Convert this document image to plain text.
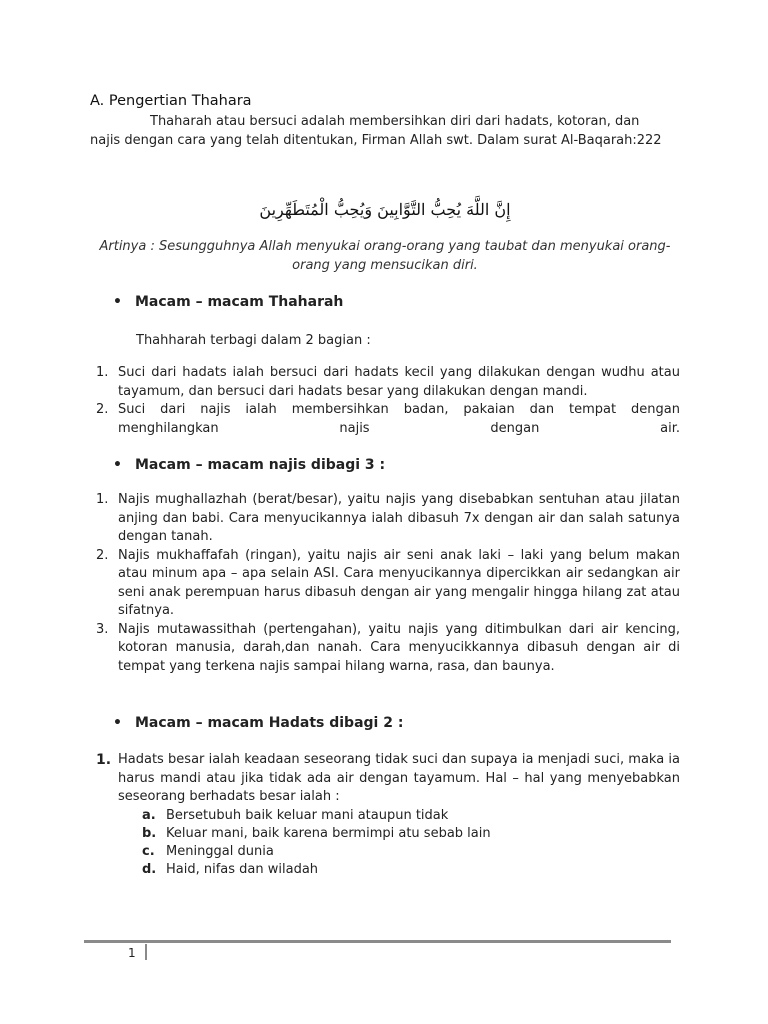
A. Pengertian Thahara
Thaharah atau bersuci adalah membersihkan diri dari hadats, kotoran, dan
najis dengan cara yang telah ditentukan, Firman Allah swt. Dalam surat Al-Baqarah:222
إِنَّ اللَّهَ يُحِبُّ التَّوَّابِينَ وَيُحِبُّ الْمُتَطَهِّرِينَ
Artinya : Sesungguhnya Allah menyukai orang-orang yang taubat dan menyukai orang-orang yang mensucikan diri.
• Macam – macam Thaharah
Thahharah terbagi dalam 2 bagian :
1. Suci dari hadats ialah bersuci dari hadats kecil yang dilakukan dengan wudhu atau tayamum, dan bersuci dari hadats besar yang dilakukan dengan mandi.
2. Suci dari najis ialah membersihkan badan, pakaian dan tempat dengan menghilangkan najis dengan air.
• Macam – macam najis dibagi 3 :
1. Najis mughallazhah (berat/besar), yaitu najis yang disebabkan sentuhan atau jilatan anjing dan babi. Cara menyucikannya ialah dibasuh 7x dengan air dan salah satunya dengan tanah.
2. Najis mukhaffafah (ringan), yaitu najis air seni anak laki – laki yang belum makan atau minum apa – apa selain ASI. Cara menyucikannya dipercikkan air sedangkan air seni anak perempuan harus dibasuh dengan air yang mengalir hingga hilang zat atau sifatnya.
3. Najis mutawassithah (pertengahan), yaitu najis yang ditimbulkan dari air kencing, kotoran manusia, darah,dan nanah. Cara menyucikkannya dibasuh dengan air di tempat yang terkena najis sampai hilang warna, rasa, dan baunya.
• Macam – macam Hadats dibagi 2 :
1. Hadats besar ialah keadaan seseorang tidak suci dan supaya ia menjadi suci, maka ia harus mandi atau jika tidak ada air dengan tayamum. Hal – hal yang menyebabkan seseorang berhadats besar ialah :
a. Bersetubuh baik keluar mani ataupun tidak
b. Keluar mani, baik karena bermimpi atu sebab lain
c. Meninggal dunia
d. Haid, nifas dan wiladah
1
